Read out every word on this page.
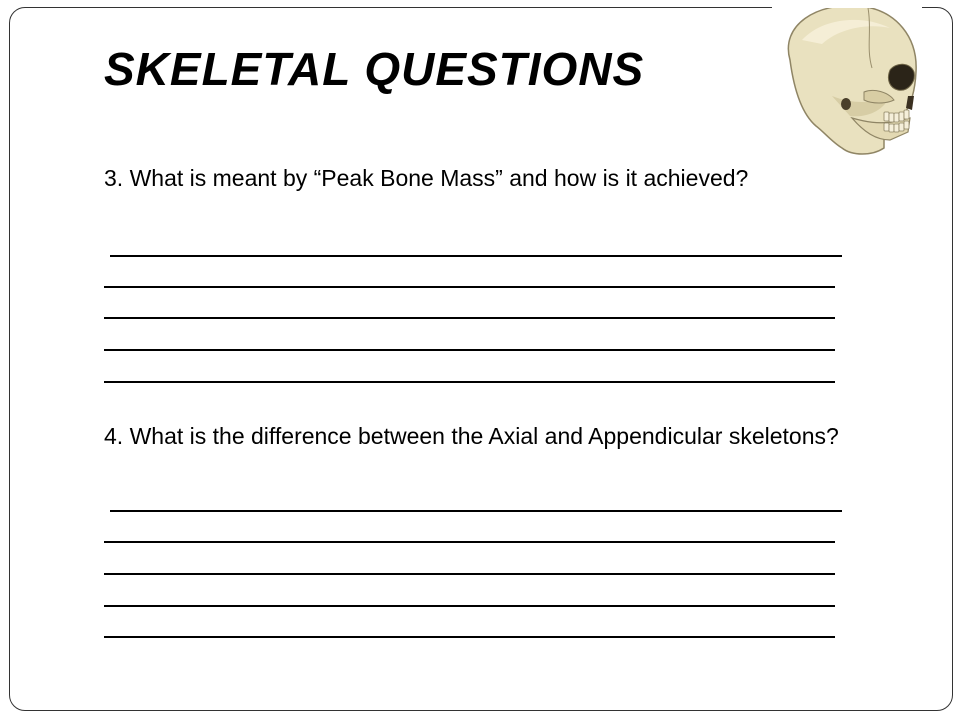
SKELETAL QUESTIONS

3. What is meant by “Peak Bone Mass” and how is it achieved?

4. What is the difference between the Axial and Appendicular skeletons?
